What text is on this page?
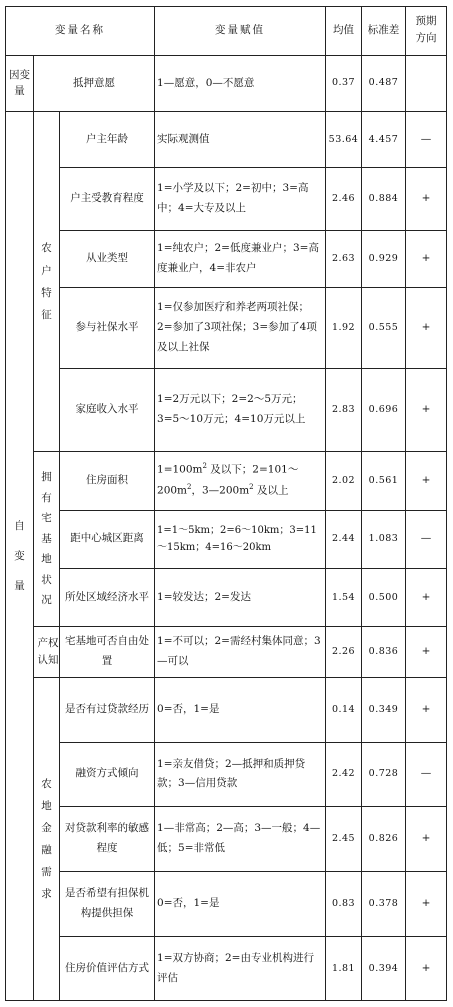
变量名称			变量赋值	均值	标准差	预期方向
因变量	抵押意愿		1—愿意，0—不愿意	0.37	0.487	
自变量	农户特征	户主年龄	实际观测值	53.64	4.457	—
		户主受教育程度	1=小学及以下；2=初中；3=高中；4=大专及以上	2.46	0.884	+
		从业类型	1=纯农户；2=低度兼业户；3=高度兼业户，4=非农户	2.63	0.929	+
		参与社保水平	1=仅参加医疗和养老两项社保；2=参加了3项社保；3=参加了4项及以上社保	1.92	0.555	+
		家庭收入水平	1=2万元以下；2=2～5万元；3=5～10万元；4=10万元以上	2.83	0.696	+
	拥有宅基地状况	住房面积	$1=100m^2$ 及以下；$2=101\sim 200m^2$，$3—200m^2$ 及以上	2.02	0.561	+
		距中心城区距离	1=1～5km；2=6～10km；3=11～15km；4=16～20km	2.44	1.083	—
		所处区域经济水平	1=较发达；2=发达	1.54	0.500	+
	产权认知	宅基地可否自由处置	1=不可以；2=需经村集体同意；3—可以	2.26	0.836	+
	农地金融需求	是否有过贷款经历	0=否，1=是	0.14	0.349	+
		融资方式倾向	1=亲友借贷；2—抵押和质押贷款；3—信用贷款	2.42	0.728	—
		对贷款利率的敏感程度	1—非常高；2—高；3—一般；4—低；5=非常低	2.45	0.826	+
		是否希望有担保机构提供担保	0=否，1=是	0.83	0.378	+
		住房价值评估方式	1=双方协商；2=由专业机构进行评估	1.81	0.394	+
